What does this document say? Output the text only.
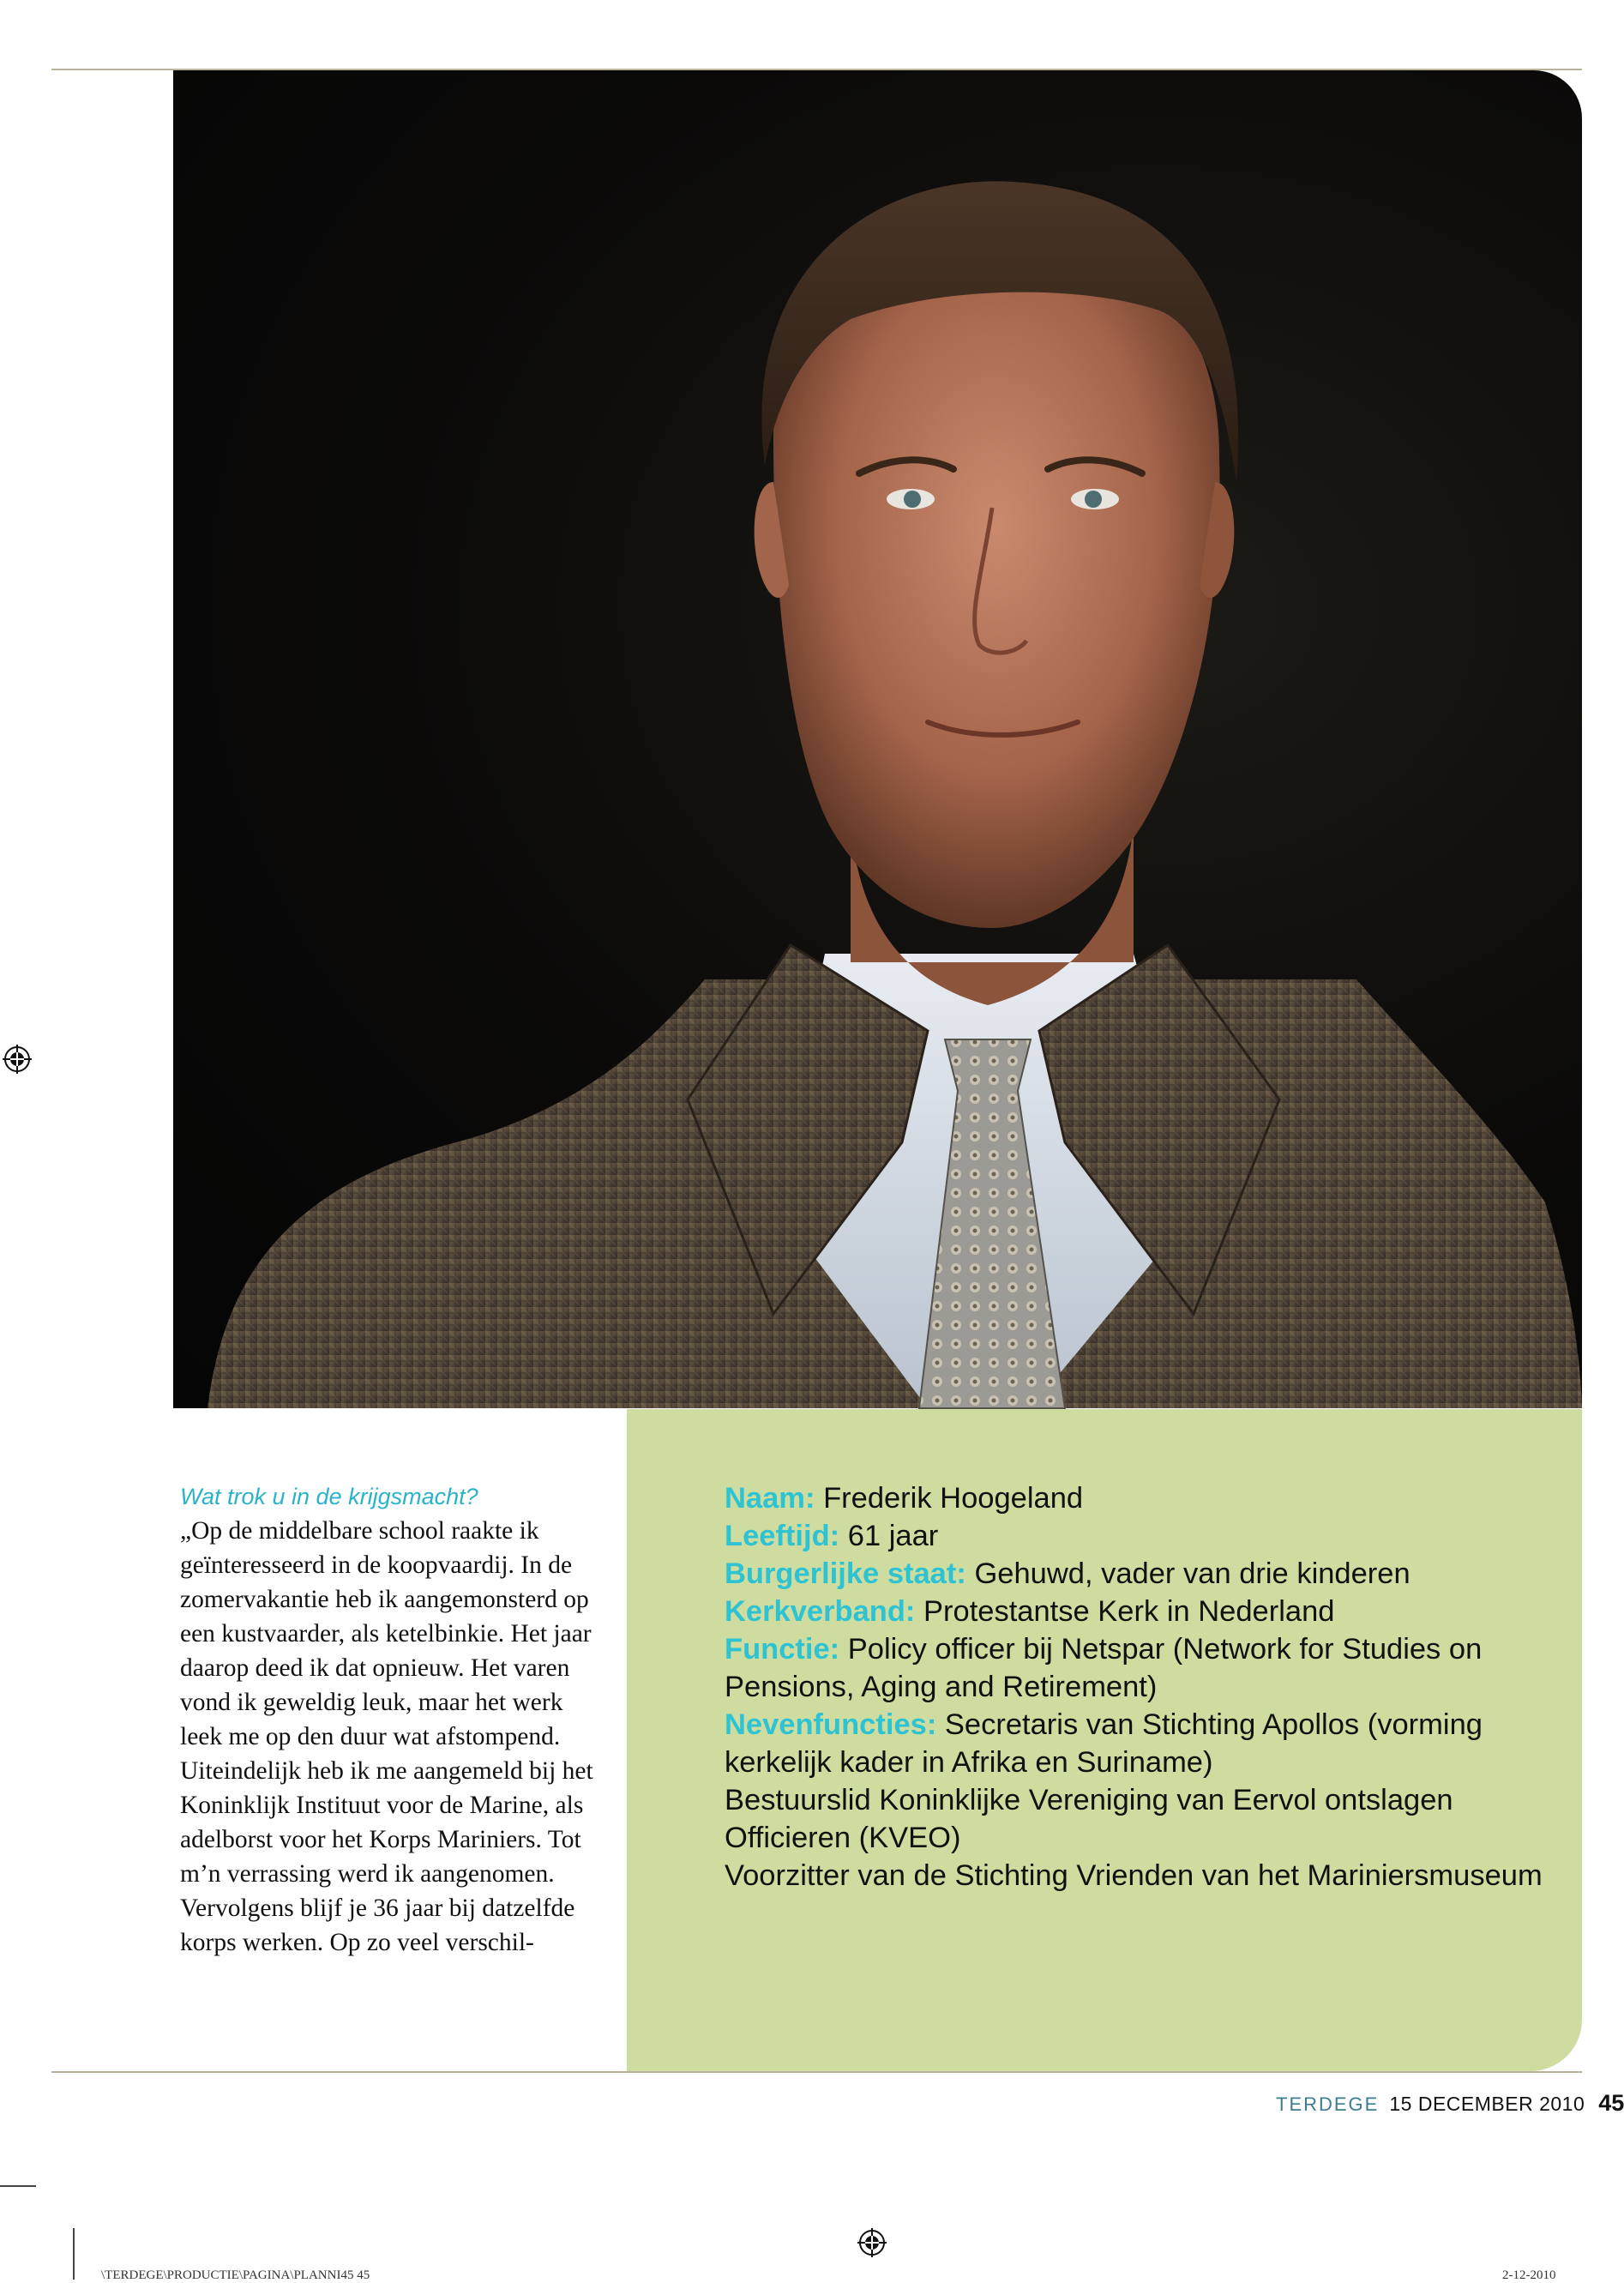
Wat trok u in de krijgsmacht?

„Op de middelbare school raakte ik geïnteresseerd in de koopvaardij. In de zomervakantie heb ik aangemonsterd op een kustvaarder, als ketelbinkie. Het jaar daarop deed ik dat opnieuw. Het varen vond ik geweldig leuk, maar het werk leek me op den duur wat afstompend. Uiteindelijk heb ik me aangemeld bij het Koninklijk Instituut voor de Marine, als adelborst voor het Korps Mariniers. Tot m’n verrassing werd ik aangenomen.

Vervolgens blijf je 36 jaar bij datzelfde korps werken. Op zo veel verschil-

Naam: Frederik Hoogeland

Leeftijd: 61 jaar

Burgerlijke staat: Gehuwd, vader van drie kinderen

Kerkverband: Protestantse Kerk in Nederland

Functie: Policy officer bij Netspar (Network for Studies on Pensions, Aging and Retirement)

Nevenfuncties: Secretaris van Stichting Apollos (vorming kerkelijk kader in Afrika en Suriname)

Bestuurslid Koninklijke Vereniging van Eervol ontslagen Officieren (KVEO)

Voorzitter van de Stichting Vrienden van het Mariniersmuseum

TERDEGE 15 DECEMBER 2010 45
\TERDEGE\PRODUCTIE\PAGINA\PLANNI45 45	2-12-2010
